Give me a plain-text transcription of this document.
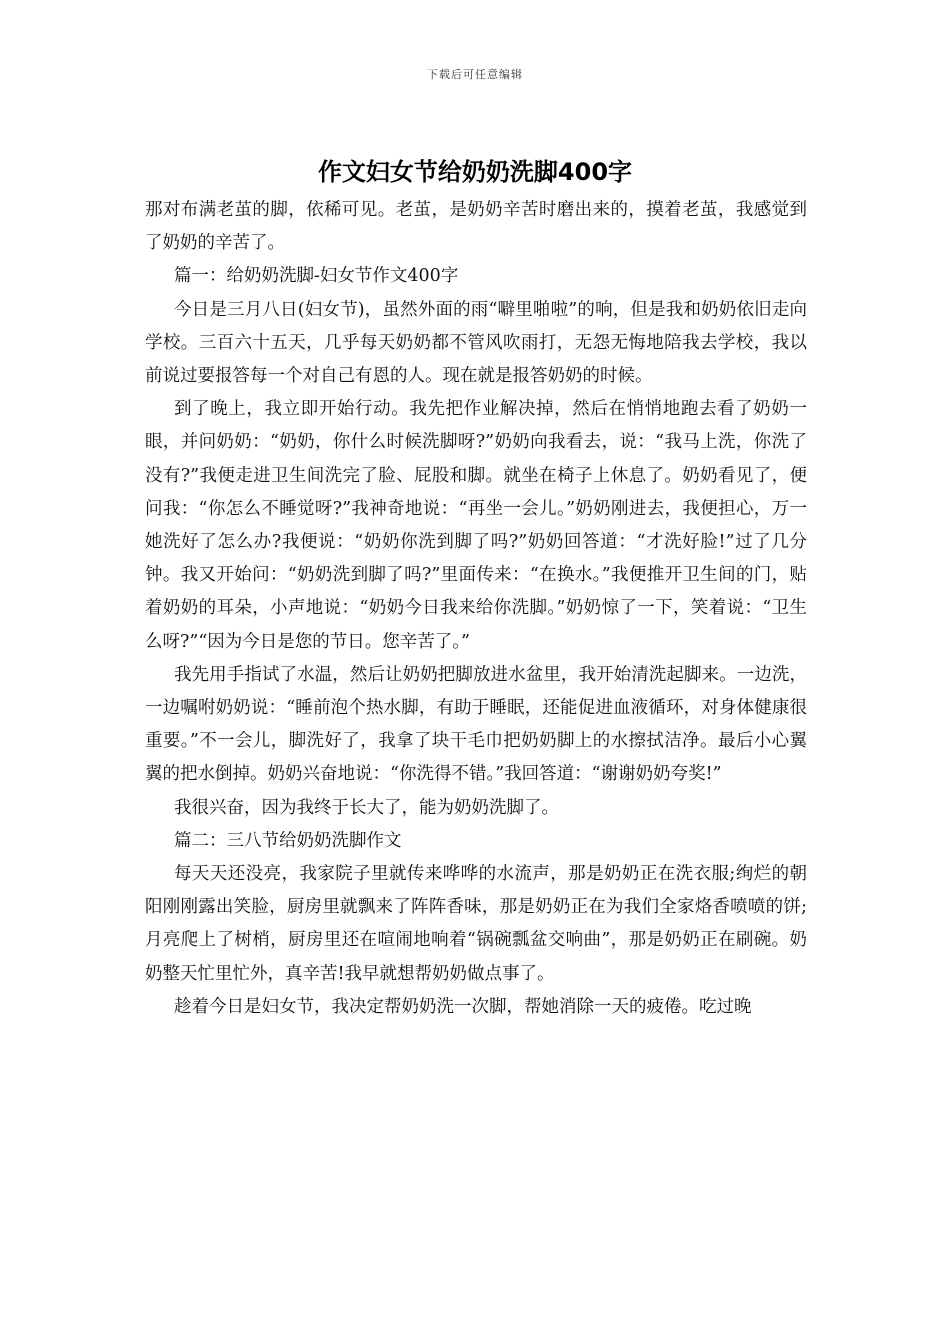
下载后可任意编辑
作文妇女节给奶奶洗脚400字

那对布满老茧的脚，依稀可见。老茧，是奶奶辛苦时磨出来的，摸着老茧，我感觉到了奶奶的辛苦了。

篇一：给奶奶洗脚-妇女节作文400字

今日是三月八日(妇女节)，虽然外面的雨“噼里啪啦”的响，但是我和奶奶依旧走向学校。三百六十五天，几乎每天奶奶都不管风吹雨打，无怨无悔地陪我去学校，我以前说过要报答每一个对自己有恩的人。现在就是报答奶奶的时候。

到了晚上，我立即开始行动。我先把作业解决掉，然后在悄悄地跑去看了奶奶一眼，并问奶奶：“奶奶，你什么时候洗脚呀?”奶奶向我看去，说：“我马上洗，你洗了没有?”我便走进卫生间洗完了脸、屁股和脚。就坐在椅子上休息了。奶奶看见了，便问我：“你怎么不睡觉呀?”我神奇地说：“再坐一会儿。”奶奶刚进去，我便担心，万一她洗好了怎么办?我便说：“奶奶你洗到脚了吗?”奶奶回答道：“才洗好脸!”过了几分钟。我又开始问：“奶奶洗到脚了吗?”里面传来：“在换水。”我便推开卫生间的门，贴着奶奶的耳朵，小声地说：“奶奶今日我来给你洗脚。”奶奶惊了一下，笑着说：“卫生么呀?”“因为今日是您的节日。您辛苦了。”

我先用手指试了水温，然后让奶奶把脚放进水盆里，我开始清洗起脚来。一边洗，一边嘱咐奶奶说：“睡前泡个热水脚，有助于睡眠，还能促进血液循环，对身体健康很重要。”不一会儿，脚洗好了，我拿了块干毛巾把奶奶脚上的水擦拭洁净。最后小心翼翼的把水倒掉。奶奶兴奋地说：“你洗得不错。”我回答道：“谢谢奶奶夸奖!”

我很兴奋，因为我终于长大了，能为奶奶洗脚了。

篇二：三八节给奶奶洗脚作文

每天天还没亮，我家院子里就传来哗哗的水流声，那是奶奶正在洗衣服;绚烂的朝阳刚刚露出笑脸，厨房里就飘来了阵阵香味，那是奶奶正在为我们全家烙香喷喷的饼;月亮爬上了树梢，厨房里还在喧闹地响着“锅碗瓢盆交响曲”，那是奶奶正在刷碗。奶奶整天忙里忙外，真辛苦!我早就想帮奶奶做点事了。

趁着今日是妇女节，我决定帮奶奶洗一次脚，帮她消除一天的疲倦。吃过晚
